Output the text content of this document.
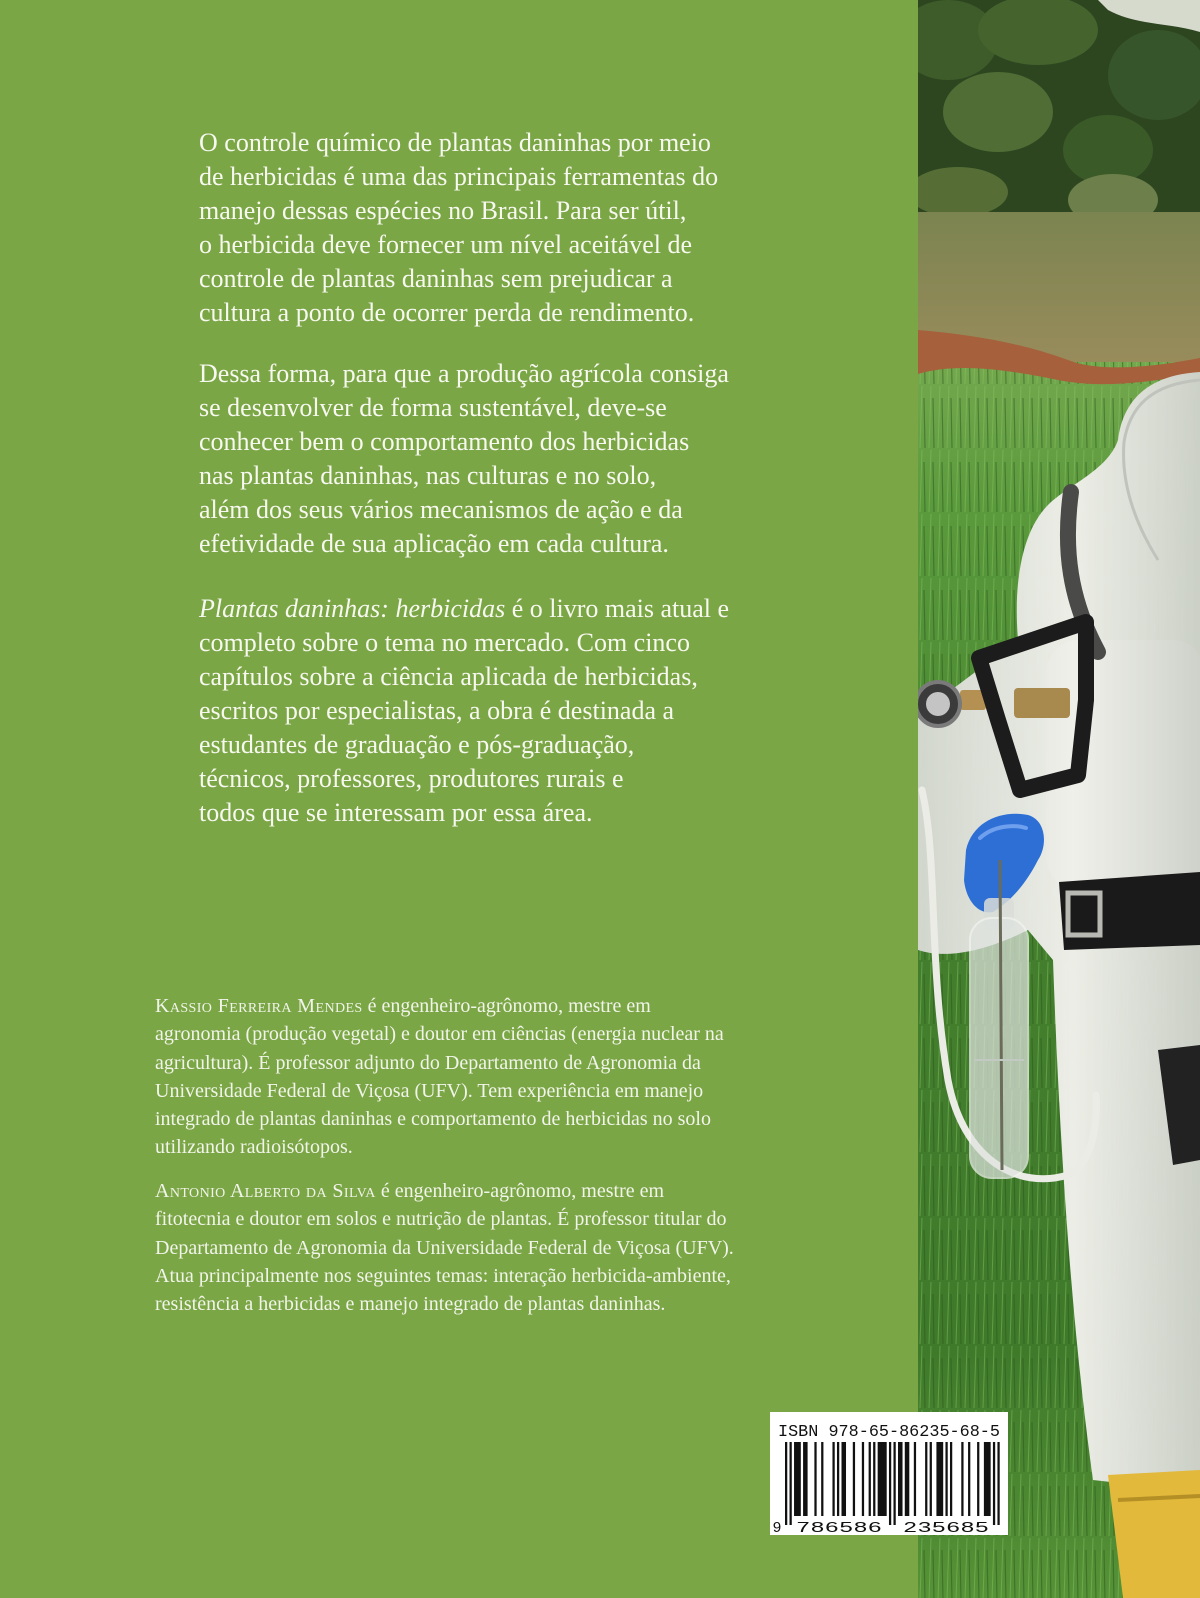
O controle químico de plantas daninhas por meio
de herbicidas é uma das principais ferramentas do
manejo dessas espécies no Brasil. Para ser útil,
o herbicida deve fornecer um nível aceitável de
controle de plantas daninhas sem prejudicar a
cultura a ponto de ocorrer perda de rendimento.

Dessa forma, para que a produção agrícola consiga
se desenvolver de forma sustentável, deve-se
conhecer bem o comportamento dos herbicidas
nas plantas daninhas, nas culturas e no solo,
além dos seus vários mecanismos de ação e da
efetividade de sua aplicação em cada cultura.

Plantas daninhas: herbicidas é o livro mais atual e
completo sobre o tema no mercado. Com cinco
capítulos sobre a ciência aplicada de herbicidas,
escritos por especialistas, a obra é destinada a
estudantes de graduação e pós-graduação,
técnicos, professores, produtores rurais e
todos que se interessam por essa área.

Kassio Ferreira Mendes é engenheiro-agrônomo, mestre em
agronomia (produção vegetal) e doutor em ciências (energia nuclear na
agricultura). É professor adjunto do Departamento de Agronomia da
Universidade Federal de Viçosa (UFV). Tem experiência em manejo
integrado de plantas daninhas e comportamento de herbicidas no solo
utilizando radioisótopos.

Antonio Alberto da Silva é engenheiro-agrônomo, mestre em
fitotecnia e doutor em solos e nutrição de plantas. É professor titular do
Departamento de Agronomia da Universidade Federal de Viçosa (UFV).
Atua principalmente nos seguintes temas: interação herbicida-ambiente,
resistência a herbicidas e manejo integrado de plantas daninhas.

ISBN 978-65-86235-68-5
9 786586 235685
